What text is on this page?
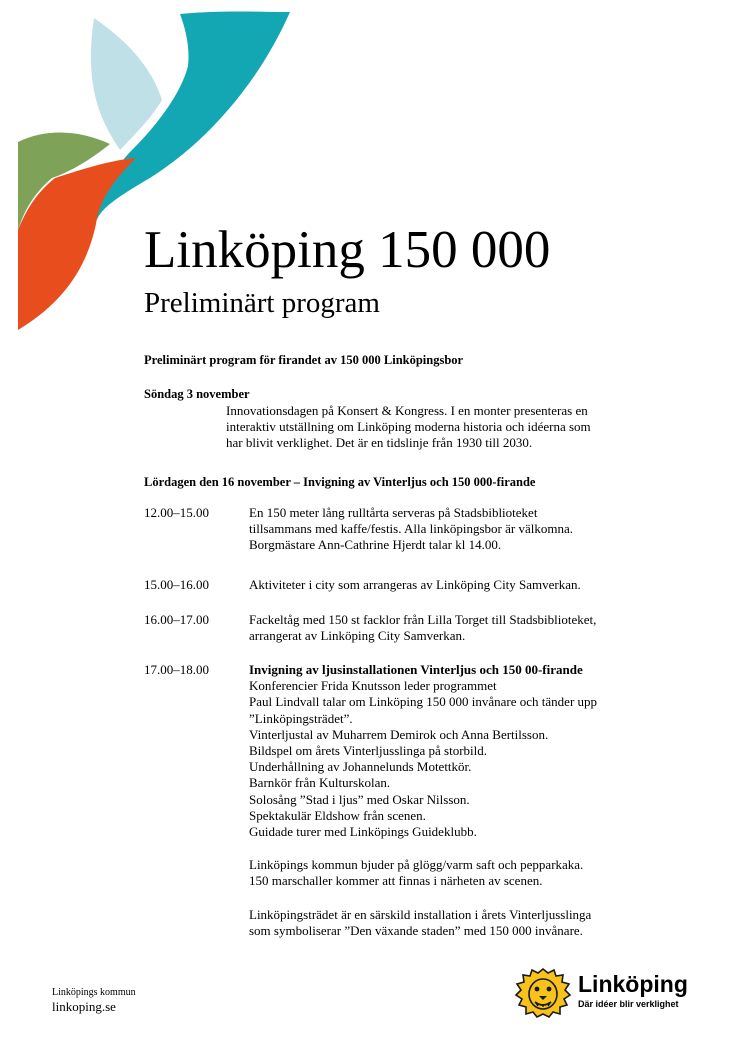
Linköping 150 000
Preliminärt program
Preliminärt program för firandet av 150 000 Linköpingsbor
Söndag 3 november
Innovationsdagen på Konsert & Kongress. I en monter presenteras en
interaktiv utställning om Linköping moderna historia och idéerna som
har blivit verklighet. Det är en tidslinje från 1930 till 2030.
Lördagen den 16 november – Invigning av Vinterljus och 150 000-firande
12.00–15.00	En 150 meter lång rulltårta serveras på Stadsbiblioteket
tillsammans med kaffe/festis. Alla linköpingsbor är välkomna.
Borgmästare Ann-Cathrine Hjerdt talar kl 14.00.
15.00–16.00	Aktiviteter i city som arrangeras av Linköping City Samverkan.
16.00–17.00	Fackeltåg med 150 st facklor från Lilla Torget till Stadsbiblioteket,
arrangerat av Linköping City Samverkan.
17.00–18.00	Invigning av ljusinstallationen Vinterljus och 150 00-firande
Konferencier Frida Knutsson leder programmet
Paul Lindvall talar om Linköping 150 000 invånare och tänder upp
”Linköpingsträdet”.
Vinterljustal av Muharrem Demirok och Anna Bertilsson.
Bildspel om årets Vinterljusslinga på storbild.
Underhållning av Johannelunds Motettkör.
Barnkör från Kulturskolan.
Solosång ”Stad i ljus” med Oskar Nilsson.
Spektakulär Eldshow från scenen.
Guidade turer med Linköpings Guideklubb.
Linköpings kommun bjuder på glögg/varm saft och pepparkaka.
150 marschaller kommer att finnas i närheten av scenen.
Linköpingsträdet är en särskild installation i årets Vinterljusslinga
som symboliserar ”Den växande staden” med 150 000 invånare.
Linköpings kommun
linkoping.se
Linköping
Där idéer blir verklighet
